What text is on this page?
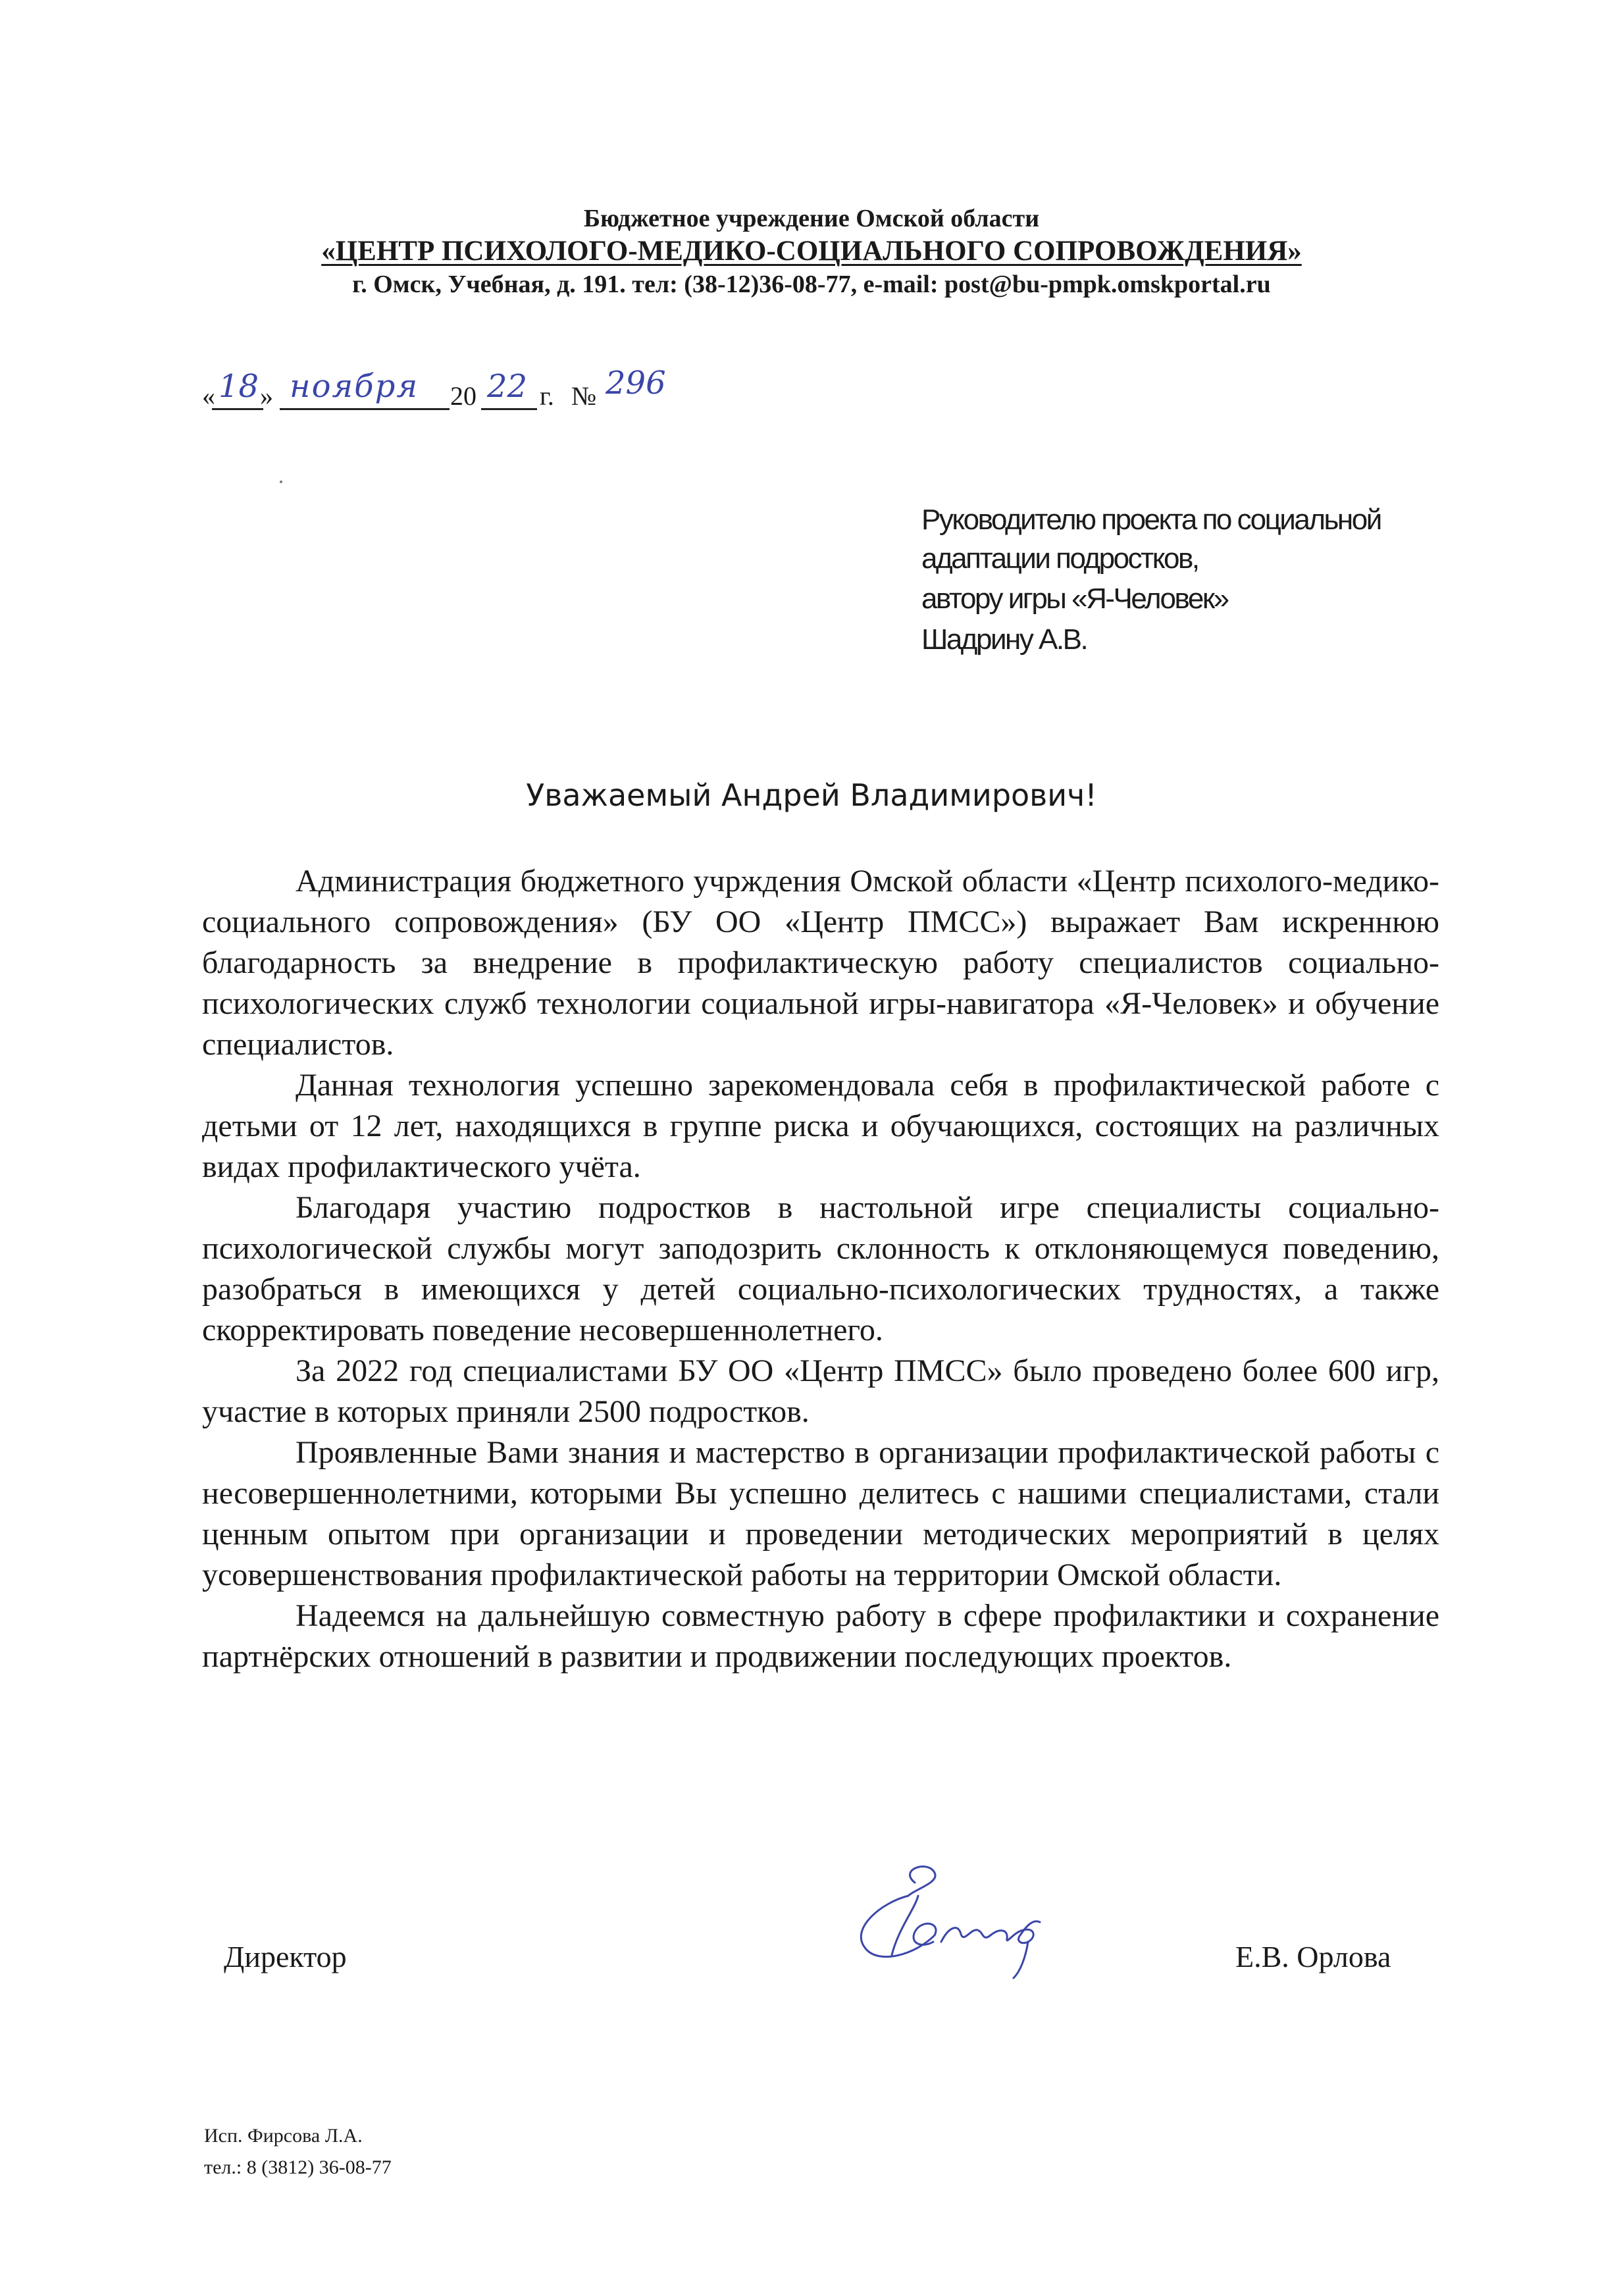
Бюджетное учреждение Омской области
«ЦЕНТР ПСИХОЛОГО-МЕДИКО-СОЦИАЛЬНОГО СОПРОВОЖДЕНИЯ»
г. Омск, Учебная, д. 191. тел: (38-12)36-08-77, e-mail: post@bu-pmpk.omskportal.ru
« 18 » ноября 20 22 г. № 296
Руководителю проекта по социальной
адаптации подростков,
автору игры «Я-Человек»
Шадрину А.В.
Уважаемый Андрей Владимирович!

Администрация бюджетного учрждения Омской области «Центр психолого-медико-социального сопровождения» (БУ ОО «Центр ПМСС») выражает Вам искреннюю благодарность за внедрение в профилактическую работу специалистов социально-психологических служб технологии социальной игры-навигатора «Я-Человек» и обучение специалистов.

Данная технология успешно зарекомендовала себя в профилактической работе с детьми от 12 лет, находящихся в группе риска и обучающихся, состоящих на различных видах профилактического учёта.

Благодаря участию подростков в настольной игре специалисты социально-психологической службы могут заподозрить склонность к отклоняющемуся поведению, разобраться в имеющихся у детей социально-психологических трудностях, а также скорректировать поведение несовершеннолетнего.

За 2022 год специалистами БУ ОО «Центр ПМСС» было проведено более 600 игр, участие в которых приняли 2500 подростков.

Проявленные Вами знания и мастерство в организации профилактической работы с несовершеннолетними, которыми Вы успешно делитесь с нашими специалистами, стали ценным опытом при организации и проведении методических мероприятий в целях усовершенствования профилактической работы на территории Омской области.

Надеемся на дальнейшую совместную работу в сфере профилактики и сохранение партнёрских отношений в развитии и продвижении последующих проектов.

Директор	Е.В. Орлова
Исп. Фирсова Л.А.
тел.: 8 (3812) 36-08-77
